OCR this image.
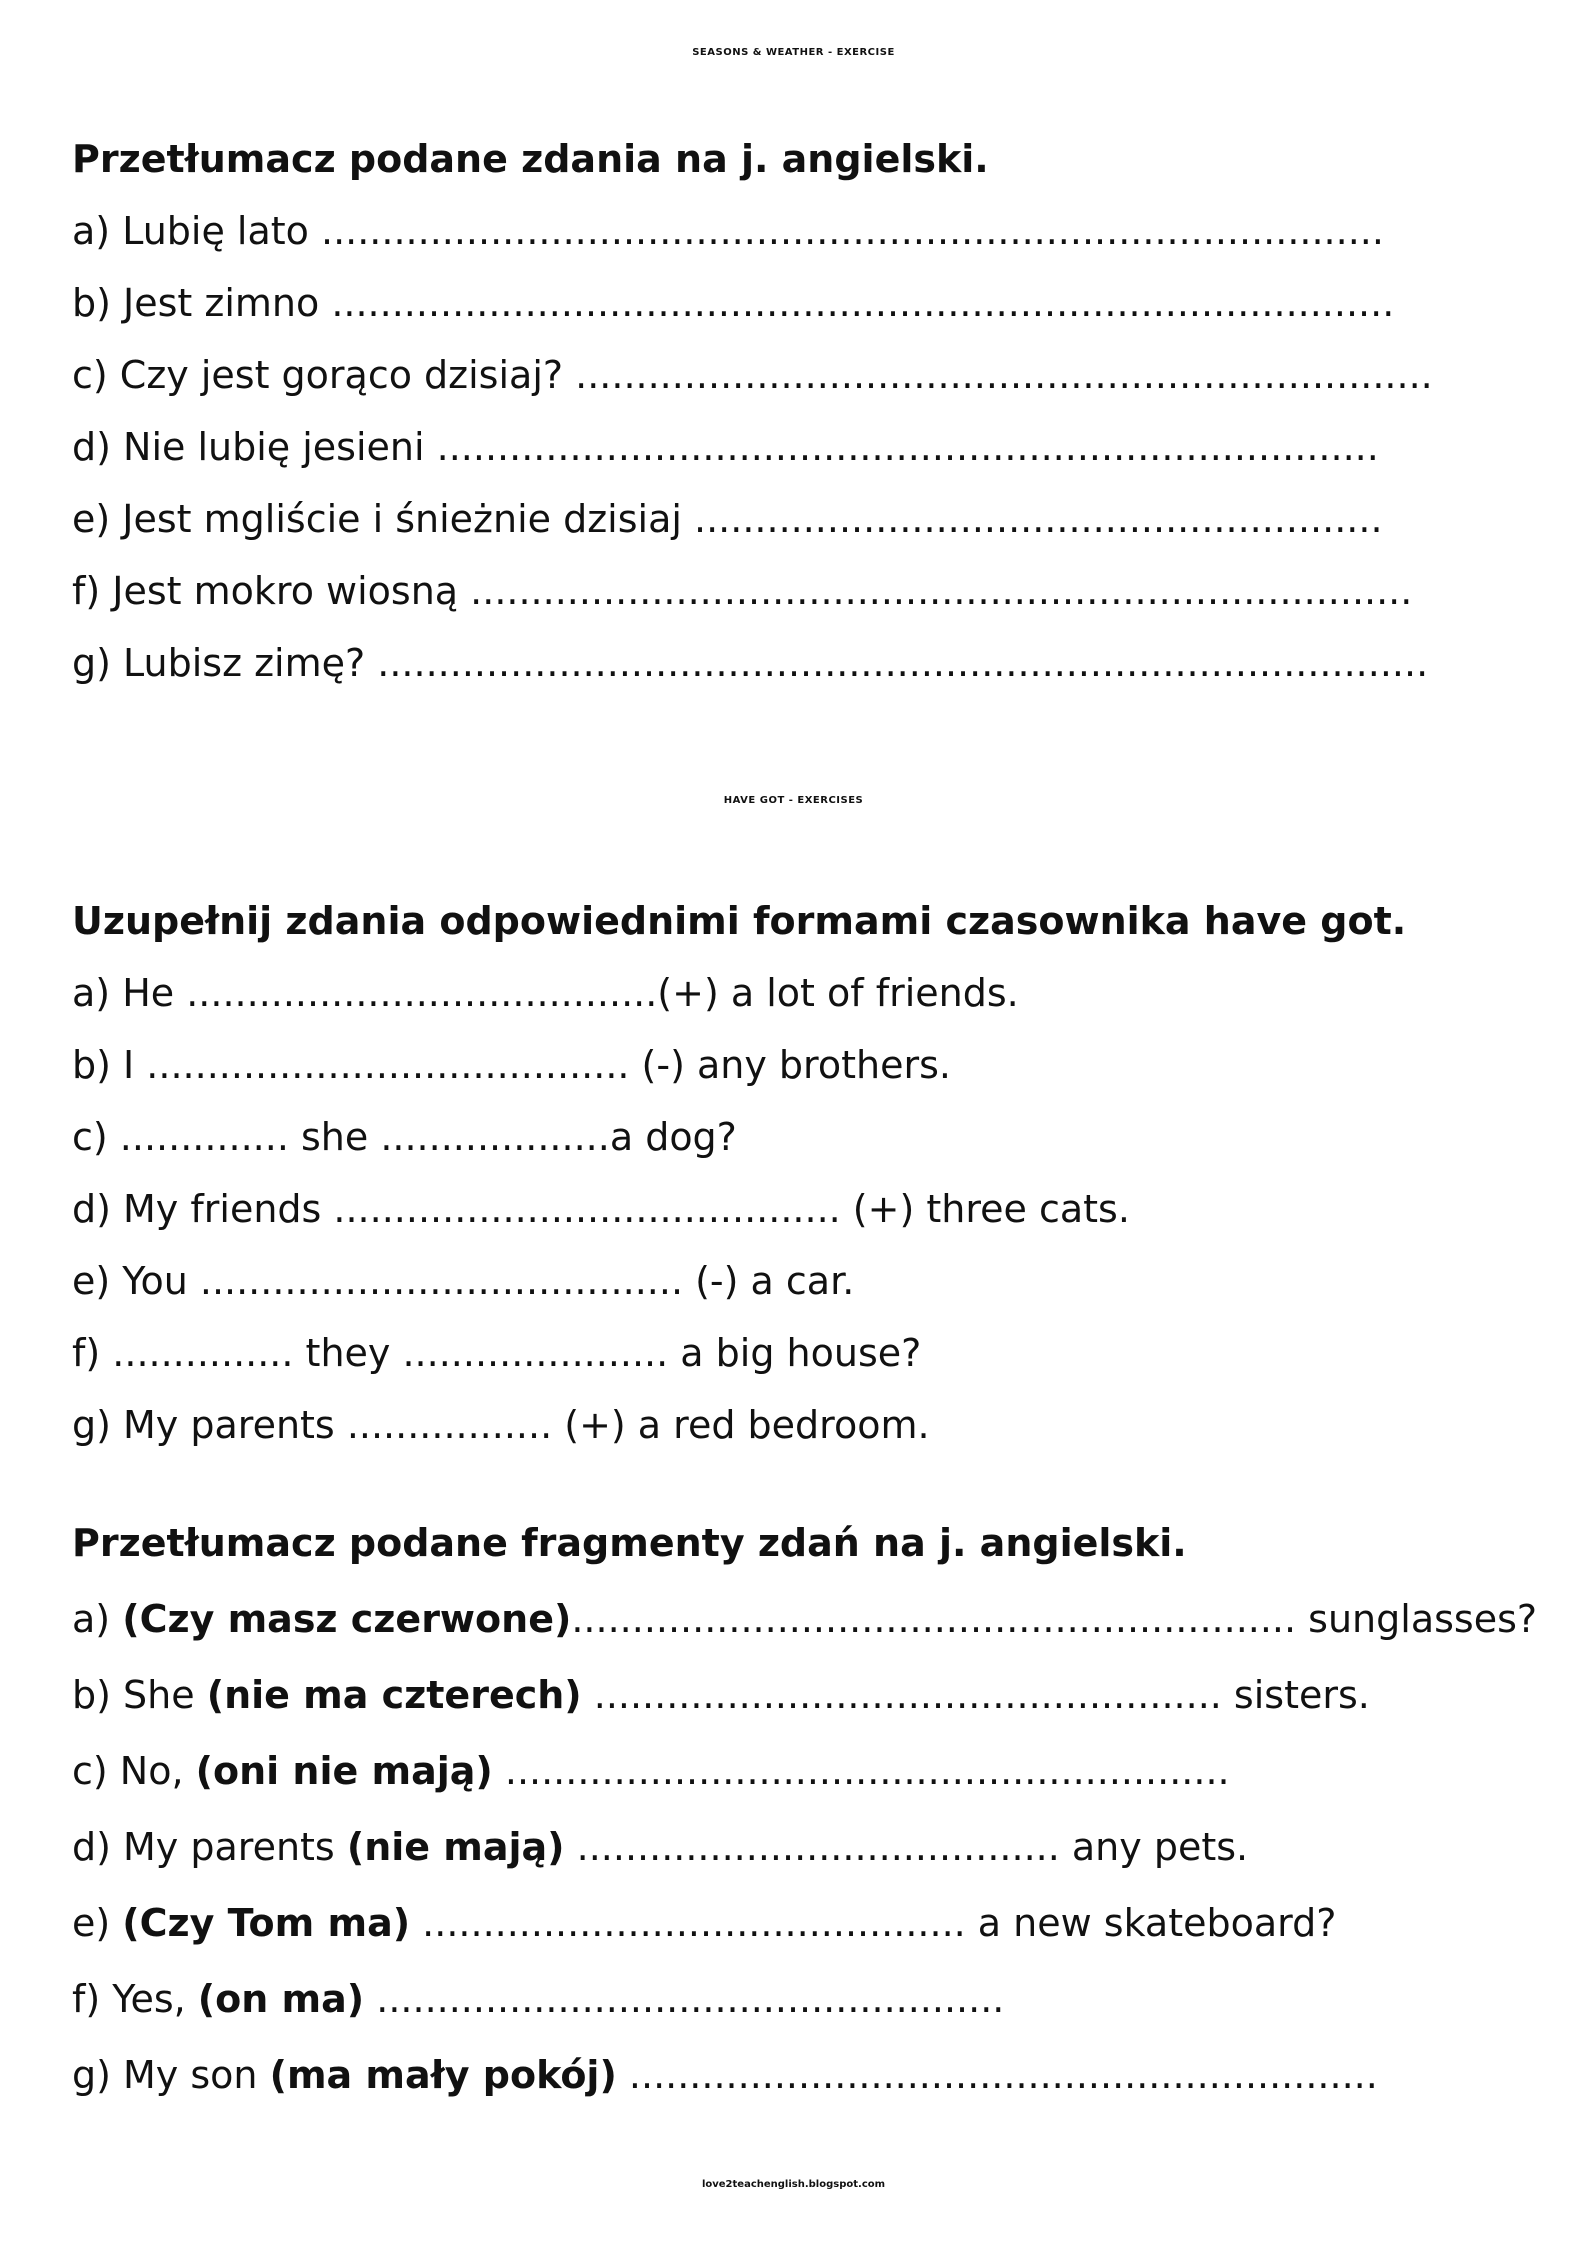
SEASONS & WEATHER - EXERCISE

Przetłumacz podane zdania na j. angielski.

a) Lubię lato ........................................................................................

b) Jest zimno ........................................................................................

c) Czy jest gorąco dzisiaj? .......................................................................

d) Nie lubię jesieni ..............................................................................

e) Jest mgliście i śnieżnie dzisiaj .........................................................

f) Jest mokro wiosną ..............................................................................

g) Lubisz zimę? .......................................................................................

HAVE GOT - EXERCISES

Uzupełnij zdania odpowiednimi formami czasownika have got.

a) He .......................................(+) a lot of friends.

b) I ........................................ (-) any brothers.

c) .............. she ...................a dog?

d) My friends .......................................... (+) three cats.

e) You ........................................ (-) a car.

f) ............... they ...................... a big house?

g) My parents ................. (+) a red bedroom.

Przetłumacz podane fragmenty zdań na j. angielski.

a) (Czy masz czerwone)............................................................ sunglasses?

b) She (nie ma czterech) .................................................... sisters.

c) No, (oni nie mają) ............................................................

d) My parents (nie mają) ........................................ any pets.

e) (Czy Tom ma) ............................................. a new skateboard?

f) Yes, (on ma) ....................................................

g) My son (ma mały pokój) ..............................................................

love2teachenglish.blogspot.com
